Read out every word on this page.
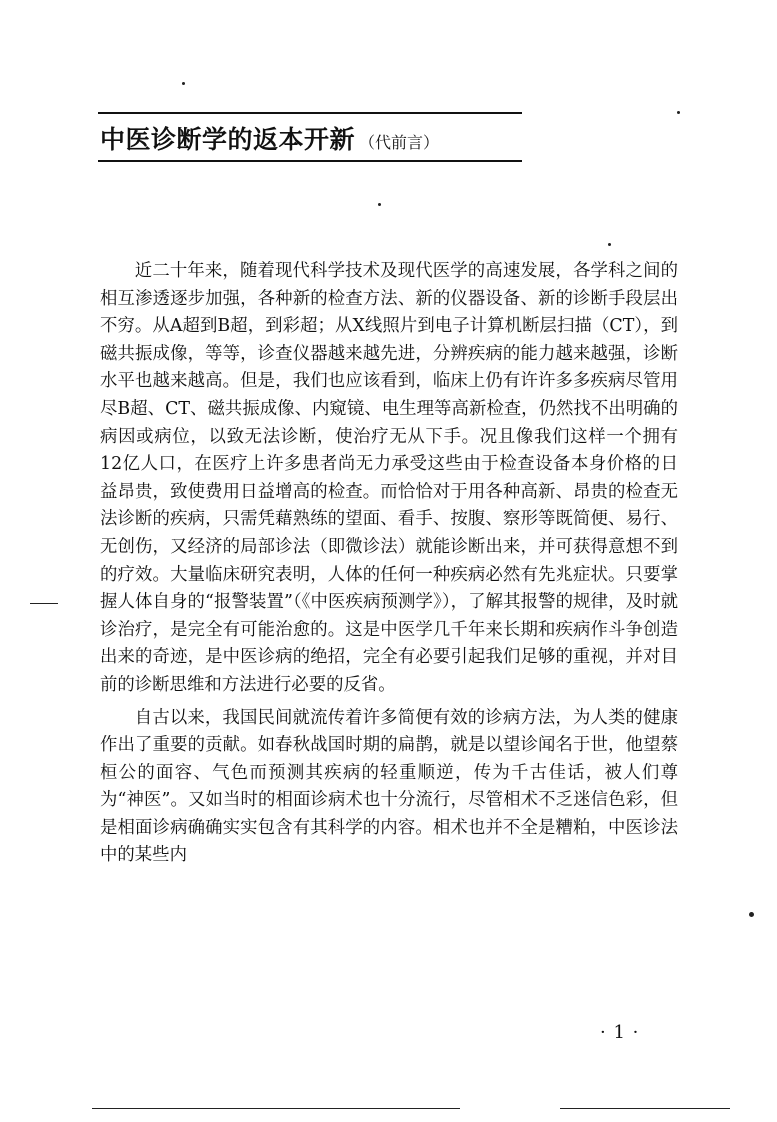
中医诊断学的返本开新 （代前言）

近二十年来，随着现代科学技术及现代医学的高速发展，各学科之间的相互渗透逐步加强，各种新的检查方法、新的仪器设备、新的诊断手段层出不穷。从A超到B超，到彩超；从X线照片到电子计算机断层扫描（CT），到磁共振成像，等等，诊查仪器越来越先进，分辨疾病的能力越来越强，诊断水平也越来越高。但是，我们也应该看到，临床上仍有许许多多疾病尽管用尽B超、CT、磁共振成像、内窥镜、电生理等高新检查，仍然找不出明确的病因或病位，以致无法诊断，使治疗无从下手。况且像我们这样一个拥有12亿人口，在医疗上许多患者尚无力承受这些由于检查设备本身价格的日益昂贵，致使费用日益增高的检查。而恰恰对于用各种高新、昂贵的检查无法诊断的疾病，只需凭藉熟练的望面、看手、按腹、察形等既简便、易行、无创伤，又经济的局部诊法（即微诊法）就能诊断出来，并可获得意想不到的疗效。大量临床研究表明，人体的任何一种疾病必然有先兆症状。只要掌握人体自身的“报警装置”（《中医疾病预测学》），了解其报警的规律，及时就诊治疗，是完全有可能治愈的。这是中医学几千年来长期和疾病作斗争创造出来的奇迹，是中医诊病的绝招，完全有必要引起我们足够的重视，并对目前的诊断思维和方法进行必要的反省。

自古以来，我国民间就流传着许多简便有效的诊病方法，为人类的健康作出了重要的贡献。如春秋战国时期的扁鹊，就是以望诊闻名于世，他望蔡桓公的面容、气色而预测其疾病的轻重顺逆，传为千古佳话，被人们尊为“神医”。又如当时的相面诊病术也十分流行，尽管相术不乏迷信色彩，但是相面诊病确确实实包含有其科学的内容。相术也并不全是糟粕，中医诊法中的某些内

· 1 ·
